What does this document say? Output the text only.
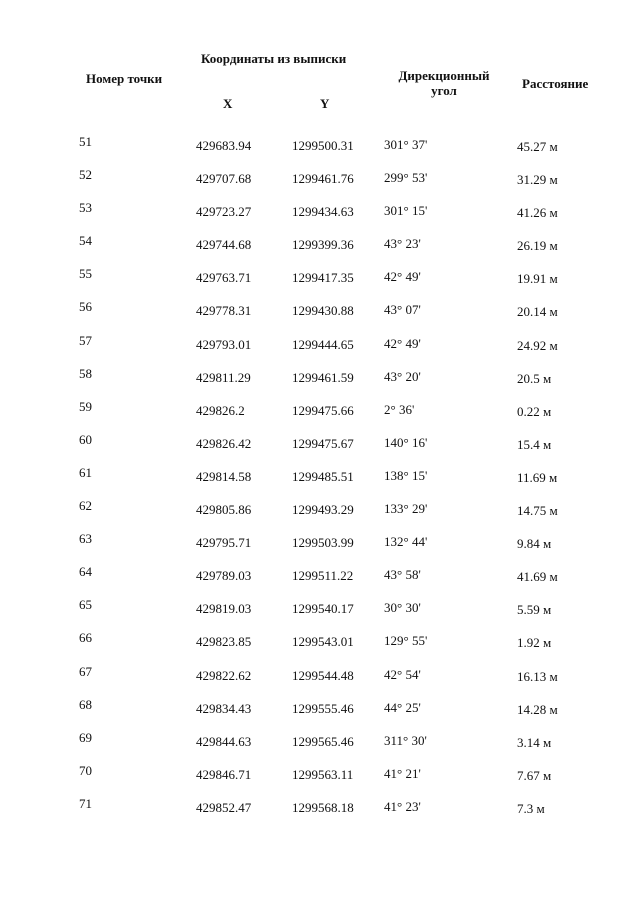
Номер точки
Координаты из выписки
X	Y
Дирекционный угол	Расстояние
51	429683.94	1299500.31 301° 37'	45.27 м
52	429707.68	1299461.76 299° 53'	31.29 м
53	429723.27	1299434.63 301° 15'	41.26 м
54	429744.68	1299399.36 43° 23'	26.19 м
55	429763.71	1299417.35 42° 49'	19.91 м
56	429778.31	1299430.88 43° 07'	20.14 м
57	429793.01	1299444.65 42° 49'	24.92 м
58	429811.29	1299461.59 43° 20'	20.5 м
59	429826.2	1299475.66 2° 36'	0.22 м
60	429826.42	1299475.67 140° 16'	15.4 м
61	429814.58	1299485.51 138° 15'	11.69 м
62	429805.86	1299493.29 133° 29'	14.75 м
63	429795.71	1299503.99 132° 44'	9.84 м
64	429789.03	1299511.22 43° 58'	41.69 м
65	429819.03	1299540.17 30° 30'	5.59 м
66	429823.85	1299543.01 129° 55'	1.92 м
67	429822.62	1299544.48 42° 54'	16.13 м
68	429834.43	1299555.46 44° 25'	14.28 м
69	429844.63	1299565.46 311° 30'	3.14 м
70	429846.71	1299563.11 41° 21'	7.67 м
71	429852.47	1299568.18 41° 23'	7.3 м
